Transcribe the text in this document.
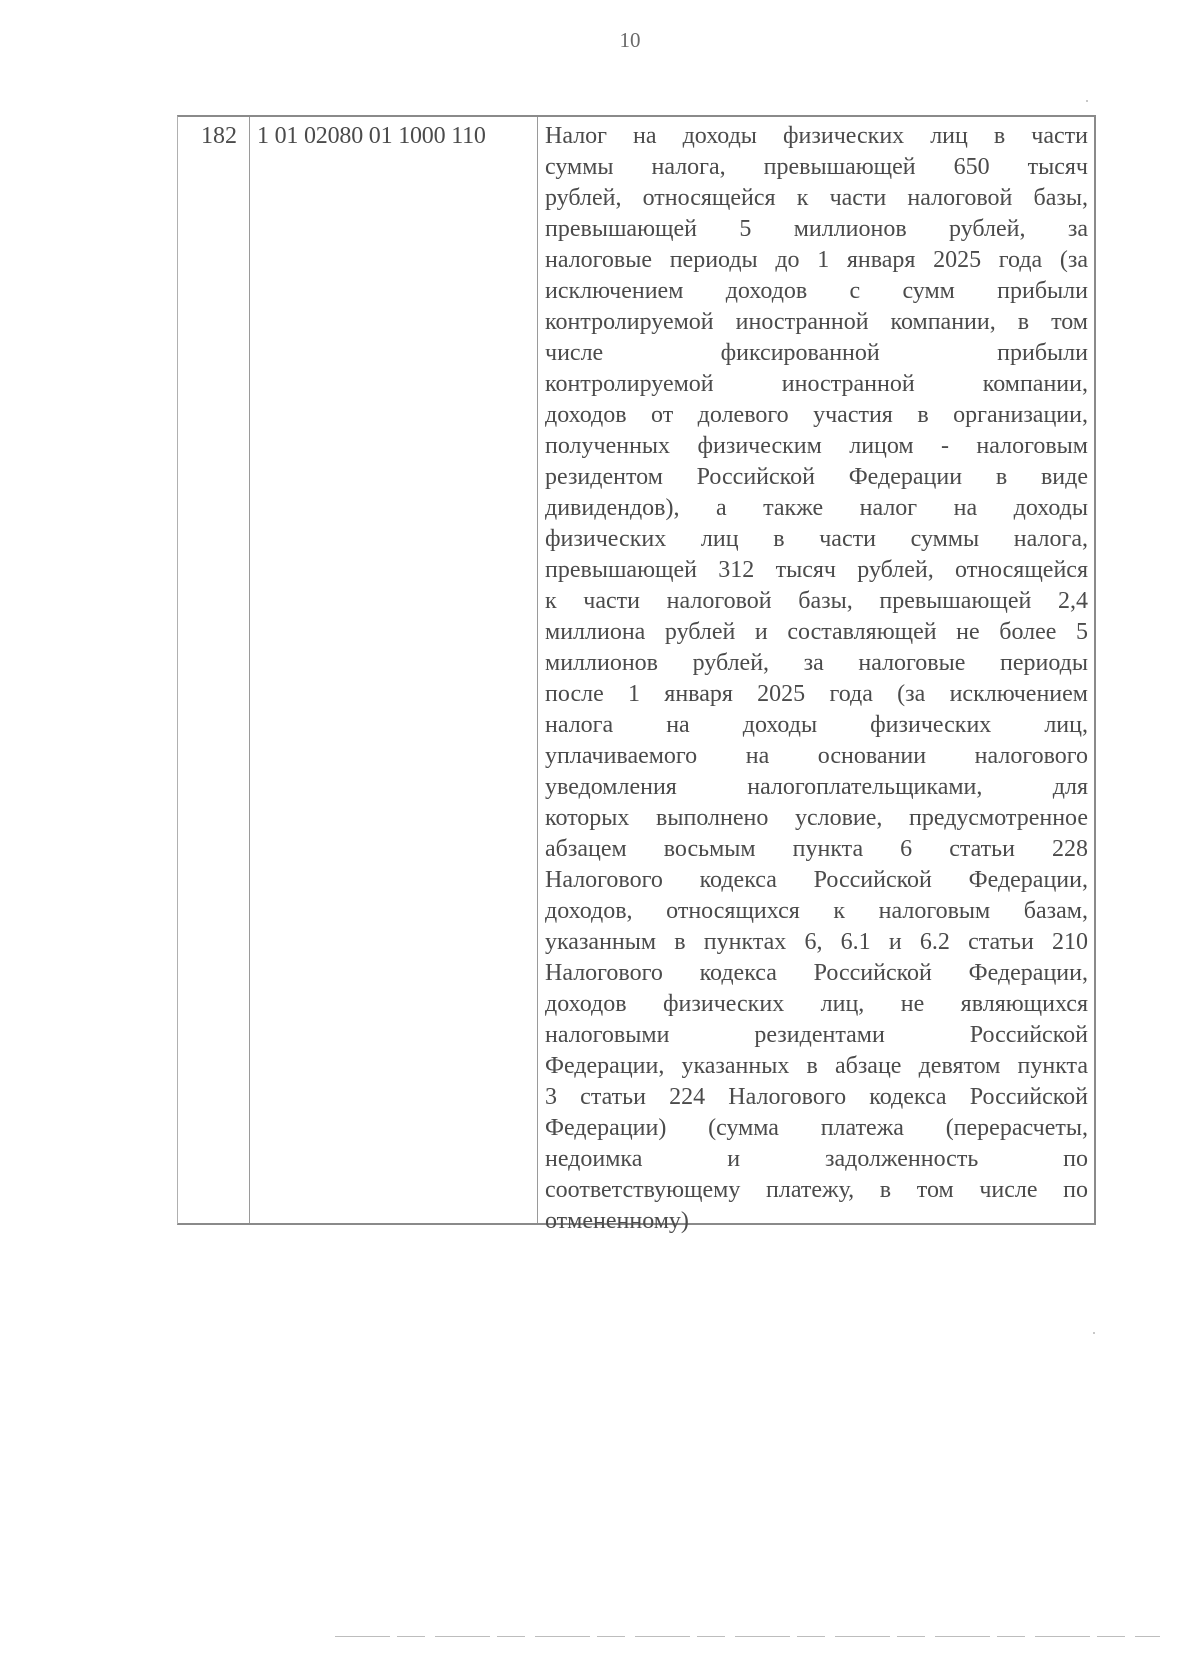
10
182 1 01 02080 01 1000 110 Налог на доходы физических лиц в части
суммы налога, превышающей 650 тысяч
рублей, относящейся к части налоговой базы,
превышающей 5 миллионов рублей, за
налоговые периоды до 1 января 2025 года (за
исключением доходов с сумм прибыли
контролируемой иностранной компании, в том
числе фиксированной прибыли
контролируемой иностранной компании,
доходов от долевого участия в организации,
полученных физическим лицом - налоговым
резидентом Российской Федерации в виде
дивидендов), а также налог на доходы
физических лиц в части суммы налога,
превышающей 312 тысяч рублей, относящейся
к части налоговой базы, превышающей 2,4
миллиона рублей и составляющей не более 5
миллионов рублей, за налоговые периоды
после 1 января 2025 года (за исключением
налога на доходы физических лиц,
уплачиваемого на основании налогового
уведомления налогоплательщиками, для
которых выполнено условие, предусмотренное
абзацем восьмым пункта 6 статьи 228
Налогового кодекса Российской Федерации,
доходов, относящихся к налоговым базам,
указанным в пунктах 6, 6.1 и 6.2 статьи 210
Налогового кодекса Российской Федерации,
доходов физических лиц, не являющихся
налоговыми резидентами Российской
Федерации, указанных в абзаце девятом пункта
3 статьи 224 Налогового кодекса Российской
Федерации) (сумма платежа (перерасчеты,
недоимка и задолженность по
соответствующему платежу, в том числе по
отмененному)
